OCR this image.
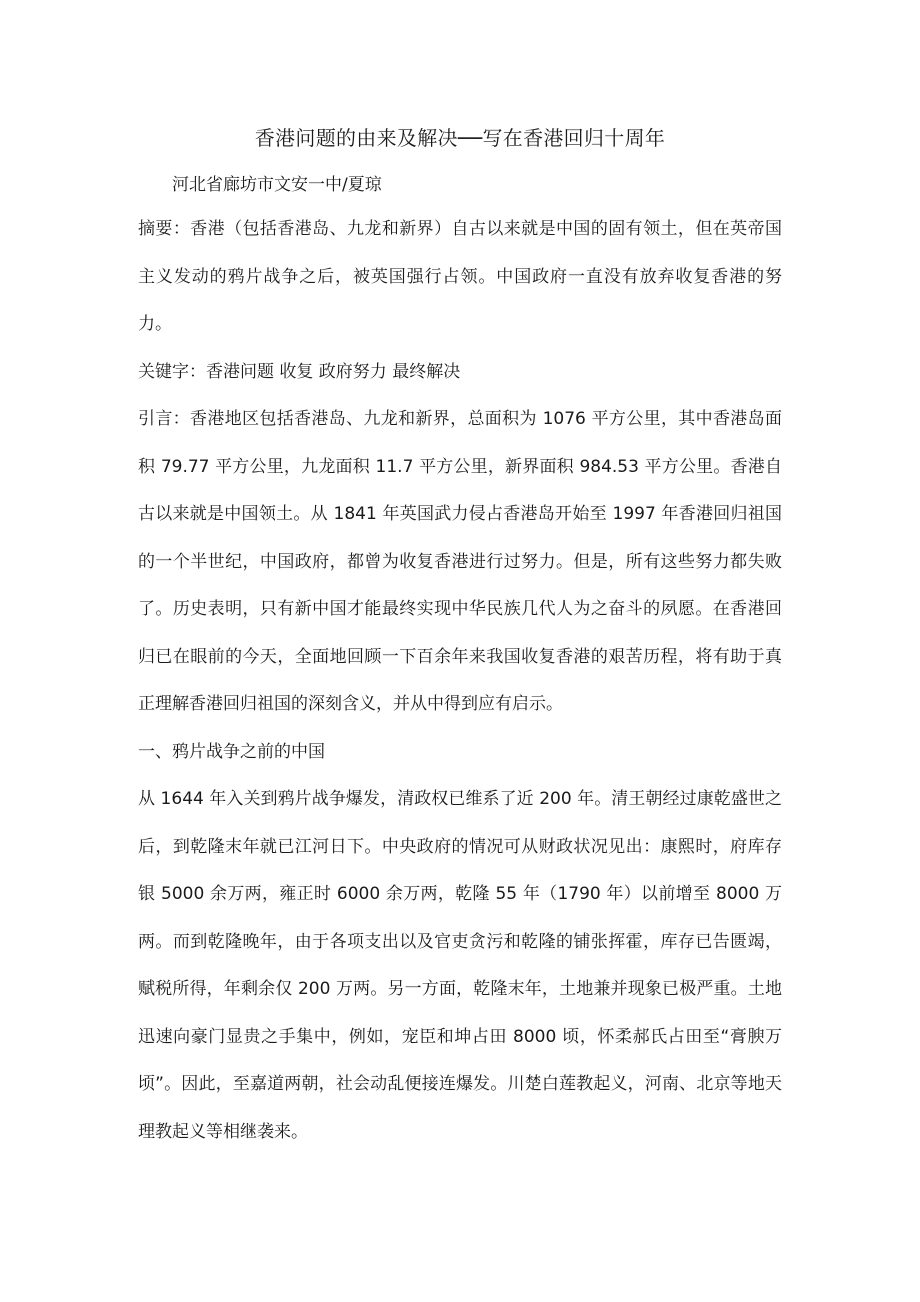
香港问题的由来及解决──写在香港回归十周年

河北省廊坊市文安一中/夏琼

摘要：香港（包括香港岛、九龙和新界）自古以来就是中国的固有领土，但在英帝国主义发动的鸦片战争之后，被英国强行占领。中国政府一直没有放弃收复香港的努力。

关键字：香港问题 收复 政府努力 最终解决

引言：香港地区包括香港岛、九龙和新界，总面积为 1076 平方公里，其中香港岛面积 79.77 平方公里，九龙面积 11.7 平方公里，新界面积 984.53 平方公里。香港自古以来就是中国领土。从 1841 年英国武力侵占香港岛开始至 1997 年香港回归祖国的一个半世纪，中国政府，都曾为收复香港进行过努力。但是，所有这些努力都失败了。历史表明，只有新中国才能最终实现中华民族几代人为之奋斗的夙愿。在香港回归已在眼前的今天，全面地回顾一下百余年来我国收复香港的艰苦历程，将有助于真正理解香港回归祖国的深刻含义，并从中得到应有启示。

一、鸦片战争之前的中国

从 1644 年入关到鸦片战争爆发，清政权已维系了近 200 年。清王朝经过康乾盛世之后，到乾隆末年就已江河日下。中央政府的情况可从财政状况见出：康熙时，府库存银 5000 余万两，雍正时 6000 余万两，乾隆 55 年（1790 年）以前增至 8000 万两。而到乾隆晚年，由于各项支出以及官吏贪污和乾隆的铺张挥霍，库存已告匮竭，赋税所得，年剩余仅 200 万两。另一方面，乾隆末年，土地兼并现象已极严重。土地迅速向豪门显贵之手集中，例如，宠臣和坤占田 8000 顷，怀柔郝氏占田至“膏腴万顷”。因此，至嘉道两朝，社会动乱便接连爆发。川楚白莲教起义，河南、北京等地天理教起义等相继袭来。
